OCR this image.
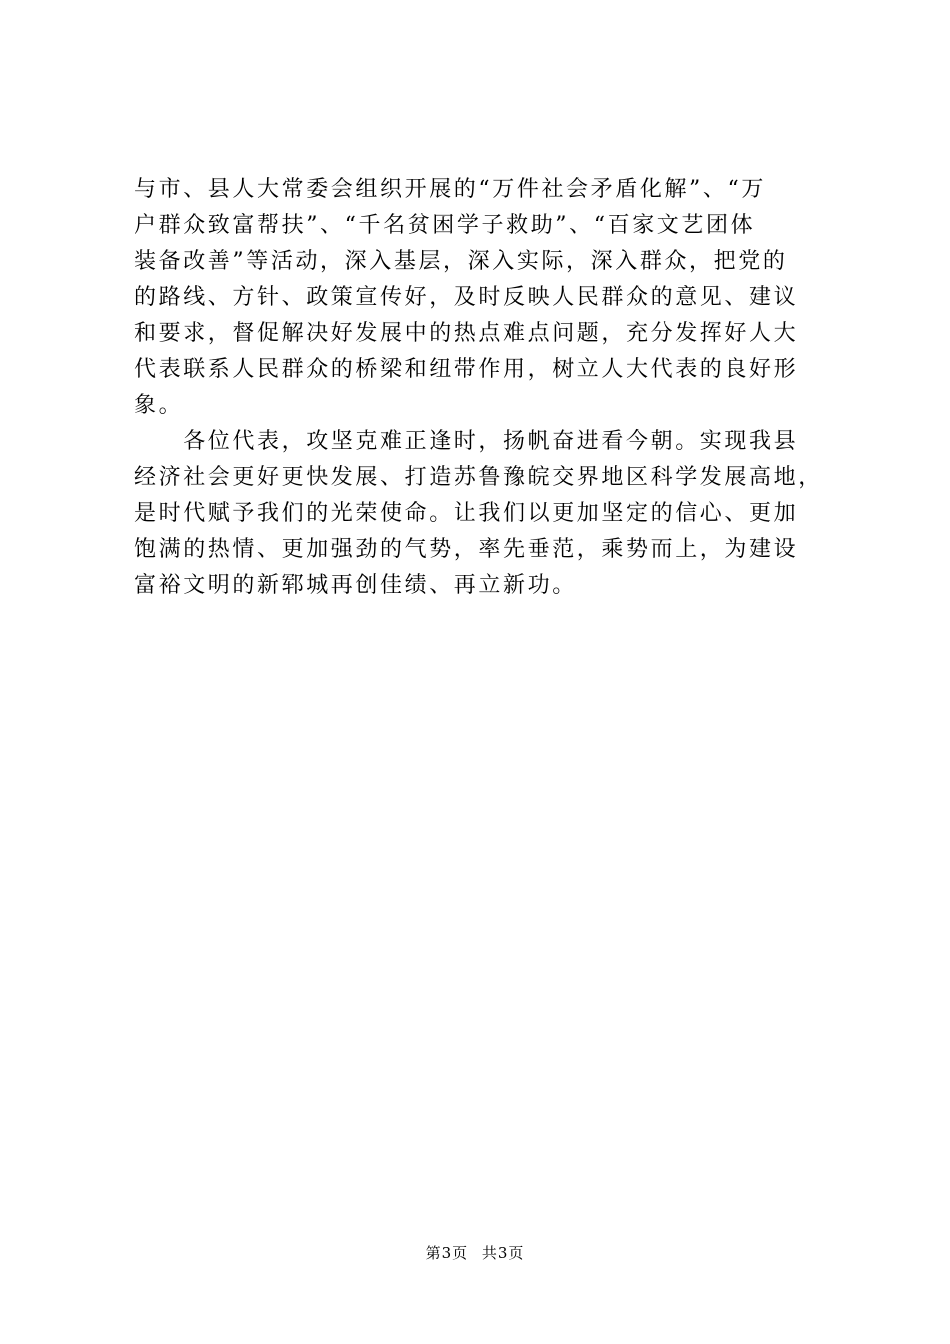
与市、县人大常委会组织开展的“万件社会矛盾化解”、“万
户群众致富帮扶”、“千名贫困学子救助”、“百家文艺团体
装备改善”等活动，深入基层，深入实际，深入群众，把党的
的路线、方针、政策宣传好，及时反映人民群众的意见、建议
和要求，督促解决好发展中的热点难点问题，充分发挥好人大
代表联系人民群众的桥梁和纽带作用，树立人大代表的良好形
象。
　　各位代表，攻坚克难正逢时，扬帆奋进看今朝。实现我县
经济社会更好更快发展、打造苏鲁豫皖交界地区科学发展高地，
是时代赋予我们的光荣使命。让我们以更加坚定的信心、更加
饱满的热情、更加强劲的气势，率先垂范，乘势而上，为建设
富裕文明的新郓城再创佳绩、再立新功。
第3页 共3页
